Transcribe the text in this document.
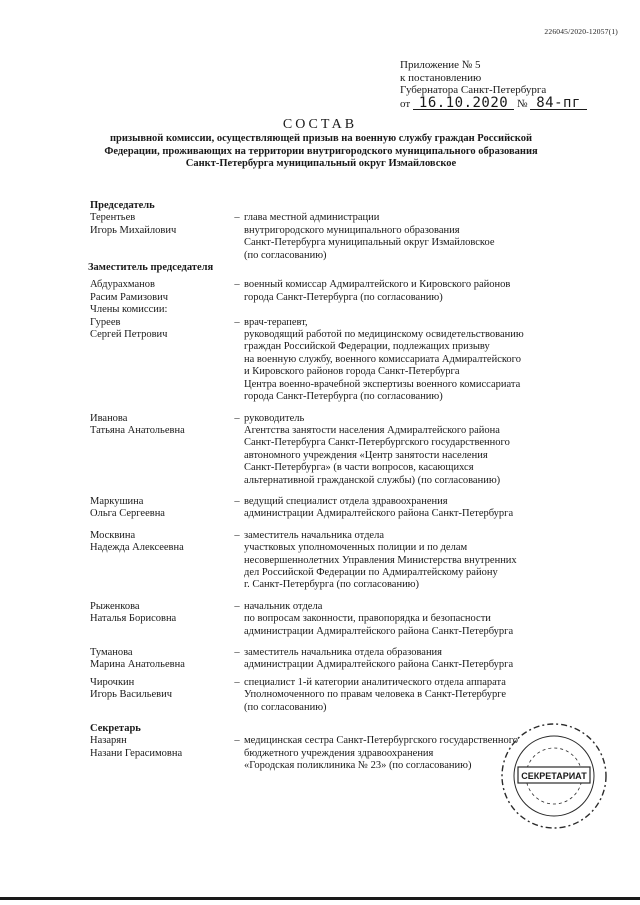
226045/2020-12057(1)
Приложение № 5
к постановлению
Губернатора Санкт-Петербурга
от 16.10.2020 № 84-пг
СОСТАВ
призывной комиссии, осуществляющей призыв на военную службу граждан Российской Федерации, проживающих на территории внутригородского муниципального образования Санкт-Петербурга муниципальный округ Измайловское
Председатель
Терентьев
Игорь Михайлович
– глава местной администрации
внутригородского муниципального образования
Санкт-Петербурга муниципальный округ Измайловское
(по согласованию)
Заместитель председателя
Абдурахманов
Расим Рамизович
– военный комиссар Адмиралтейского и Кировского районов
города Санкт-Петербурга (по согласованию)
Члены комиссии:
Гуреев
Сергей Петрович
– врач-терапевт,
руководящий работой по медицинскому освидетельствованию
граждан Российской Федерации, подлежащих призыву
на военную службу, военного комиссариата Адмиралтейского
и Кировского районов города Санкт-Петербурга
Центра военно-врачебной экспертизы военного комиссариата
города Санкт-Петербурга (по согласованию)
Иванова
Татьяна Анатольевна
– руководитель
Агентства занятости населения Адмиралтейского района
Санкт-Петербурга Санкт-Петербургского государственного
автономного учреждения «Центр занятости населения
Санкт-Петербурга» (в части вопросов, касающихся
альтернативной гражданской службы) (по согласованию)
Маркушина
Ольга Сергеевна
– ведущий специалист отдела здравоохранения
администрации Адмиралтейского района Санкт-Петербурга
Москвина
Надежда Алексеевна
– заместитель начальника отдела
участковых уполномоченных полиции и по делам
несовершеннолетних Управления Министерства внутренних
дел Российской Федерации по Адмиралтейскому району
г. Санкт-Петербурга (по согласованию)
Рыженкова
Наталья Борисовна
– начальник отдела
по вопросам законности, правопорядка и безопасности
администрации Адмиралтейского района Санкт-Петербурга
Туманова
Марина Анатольевна
– заместитель начальника отдела образования
администрации Адмиралтейского района Санкт-Петербурга
Чирочкин
Игорь Васильевич
– специалист 1-й категории аналитического отдела аппарата
Уполномоченного по правам человека в Санкт-Петербурге
(по согласованию)
Секретарь
Назарян
Назани Герасимовна
– медицинская сестра Санкт-Петербургского государственного
бюджетного учреждения здравоохранения
«Городская поликлиника № 23» (по согласованию)
СЕКРЕТАРИАТ
